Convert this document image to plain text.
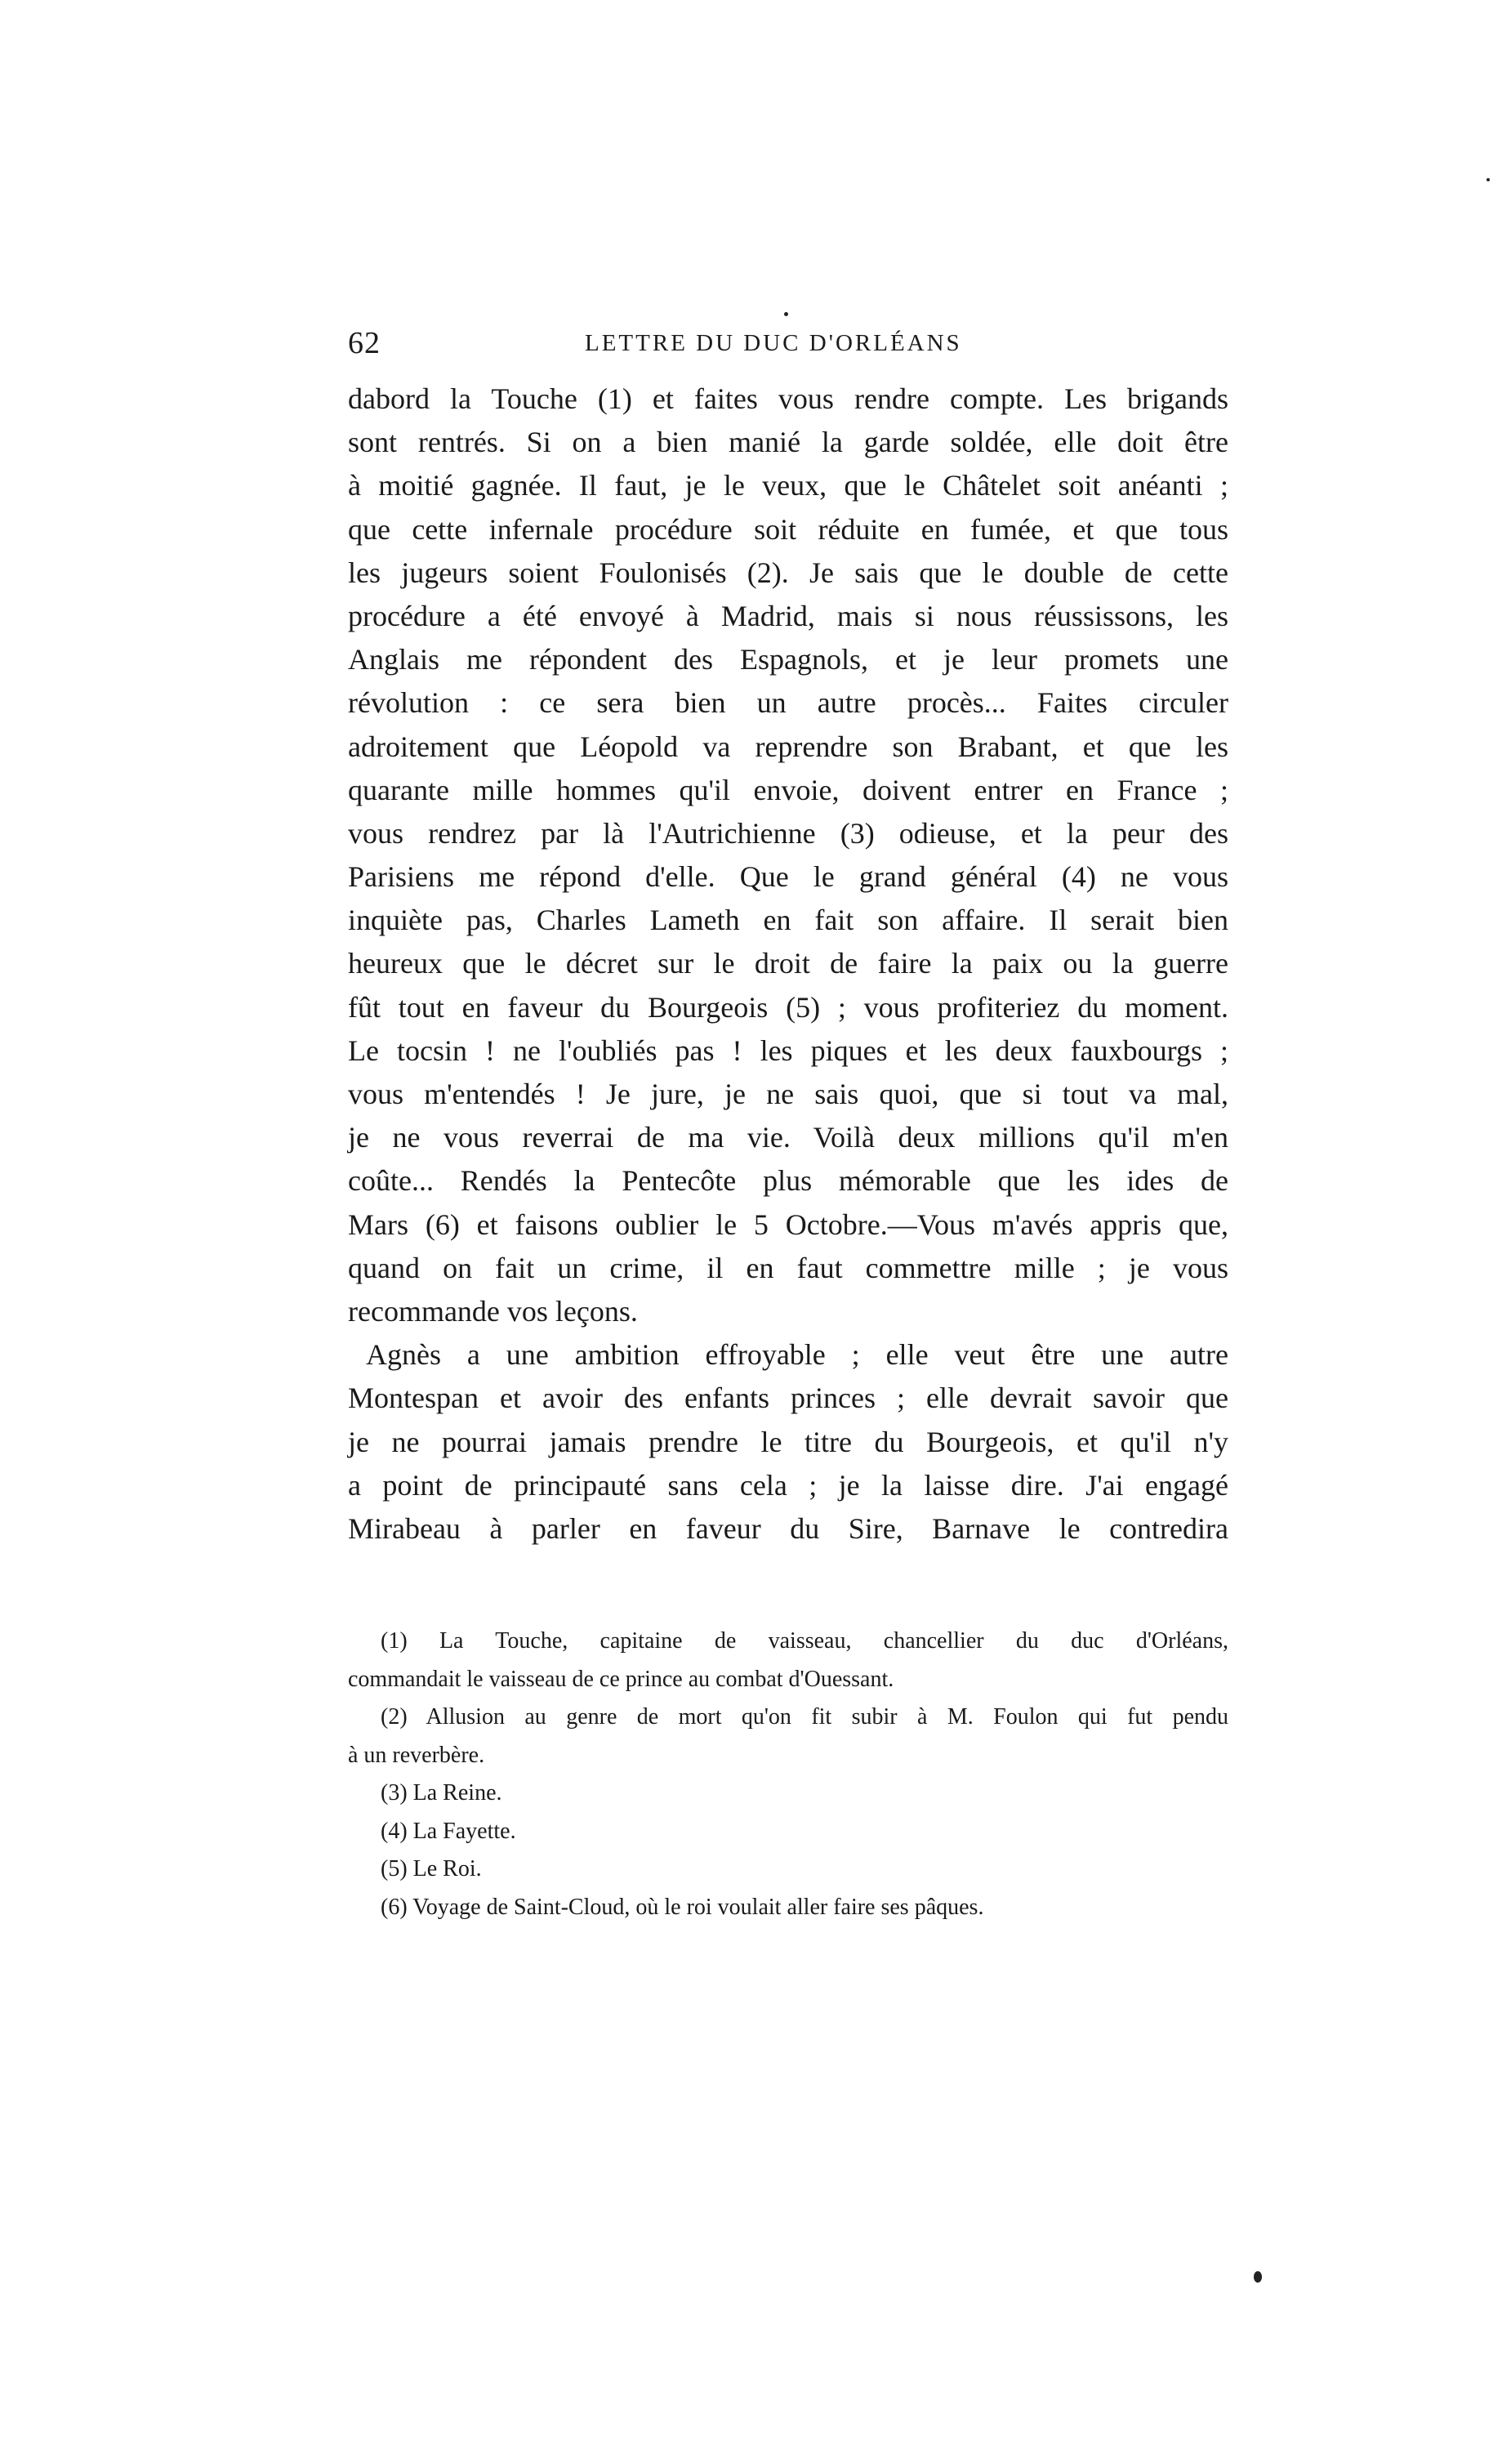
62	LETTRE DU DUC D'ORLÉANS
dabord la Touche (1) et faites vous rendre compte. Les brigands
sont rentrés. Si on a bien manié la garde soldée, elle doit être
à moitié gagnée. Il faut, je le veux, que le Châtelet soit anéanti ;
que cette infernale procédure soit réduite en fumée, et que tous
les jugeurs soient Foulonisés (2). Je sais que le double de cette
procédure a été envoyé à Madrid, mais si nous réussissons, les
Anglais me répondent des Espagnols, et je leur promets une
révolution : ce sera bien un autre procès... Faites circuler
adroitement que Léopold va reprendre son Brabant, et que les
quarante mille hommes qu'il envoie, doivent entrer en France ;
vous rendrez par là l'Autrichienne (3) odieuse, et la peur des
Parisiens me répond d'elle. Que le grand général (4) ne vous
inquiète pas, Charles Lameth en fait son affaire. Il serait bien
heureux que le décret sur le droit de faire la paix ou la guerre
fût tout en faveur du Bourgeois (5) ; vous profiteriez du moment.
Le tocsin ! ne l'oubliés pas ! les piques et les deux fauxbourgs ;
vous m'entendés ! Je jure, je ne sais quoi, que si tout va mal,
je ne vous reverrai de ma vie. Voilà deux millions qu'il m'en
coûte... Rendés la Pentecôte plus mémorable que les ides de
Mars (6) et faisons oublier le 5 Octobre.—Vous m'avés appris que,
quand on fait un crime, il en faut commettre mille ; je vous
recommande vos leçons.
Agnès a une ambition effroyable ; elle veut être une autre
Montespan et avoir des enfants princes ; elle devrait savoir que
je ne pourrai jamais prendre le titre du Bourgeois, et qu'il n'y
a point de principauté sans cela ; je la laisse dire. J'ai engagé
Mirabeau à parler en faveur du Sire, Barnave le contredira
(1) La Touche, capitaine de vaisseau, chancellier du duc d'Orléans,
commandait le vaisseau de ce prince au combat d'Ouessant.
(2) Allusion au genre de mort qu'on fit subir à M. Foulon qui fut pendu
à un reverbère.
(3) La Reine.
(4) La Fayette.
(5) Le Roi.
(6) Voyage de Saint-Cloud, où le roi voulait aller faire ses pâques.
